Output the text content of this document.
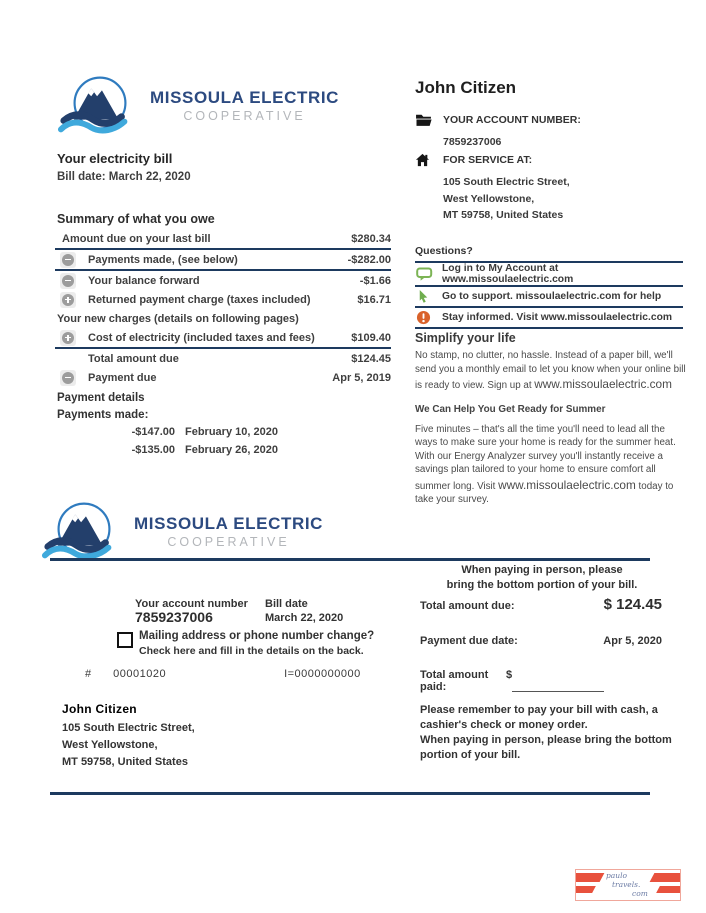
MISSOULA ELECTRIC
COOPERATIVE
Your electricity bill
Bill date: March 22, 2020
Summary of what you owe
Amount due on your last bill	$280.34
Payments made, (see below)	-$282.00
Your balance forward	-$1.66
Returned payment charge (taxes included)	$16.71
Your new charges (details on following pages)
Cost of electricity (included taxes and fees)	$109.40
Total amount due	$124.45
Payment due	Apr 5, 2019
Payment details
Payments made:
-$147.00 February 10, 2020
-$135.00 February 26, 2020
John Citizen
YOUR ACCOUNT NUMBER:
7859237006
FOR SERVICE AT:
105 South Electric Street,
West Yellowstone,
MT 59758, United States
Questions?
Log in to My Account at www.missoulaelectric.com
Go to support. missoulaelectric.com for help
Stay informed. Visit www.missoulaelectric.com
Simplify your life
No stamp, no clutter, no hassle. Instead of a paper bill, we'll send you a monthly email to let you know when your online bill is ready to view. Sign up at www.missoulaelectric.com
We Can Help You Get Ready for Summer
Five minutes – that's all the time you'll need to lead all the ways to make sure your home is ready for the summer heat. With our Energy Analyzer survey you'll instantly receive a savings plan tailored to your home to ensure comfort all summer long. Visit www.missoulaelectric.com today to take your survey.
MISSOULA ELECTRIC
COOPERATIVE
When paying in person, please
bring the bottom portion of your bill.
Your account number Bill date
7859237006	March 22, 2020
Mailing address or phone number change?
Check here and fill in the details on the back.
# 00001020	I=0000000000
Total amount due:	$ 124.45
Payment due date:	Apr 5, 2020
Total amount paid:
$
John Citizen
105 South Electric Street,
West Yellowstone,
MT 59758, United States
Please remember to pay your bill with cash, a cashier's check or money order.
When paying in person, please bring the bottom portion of your bill.
paulo
travels.
com
